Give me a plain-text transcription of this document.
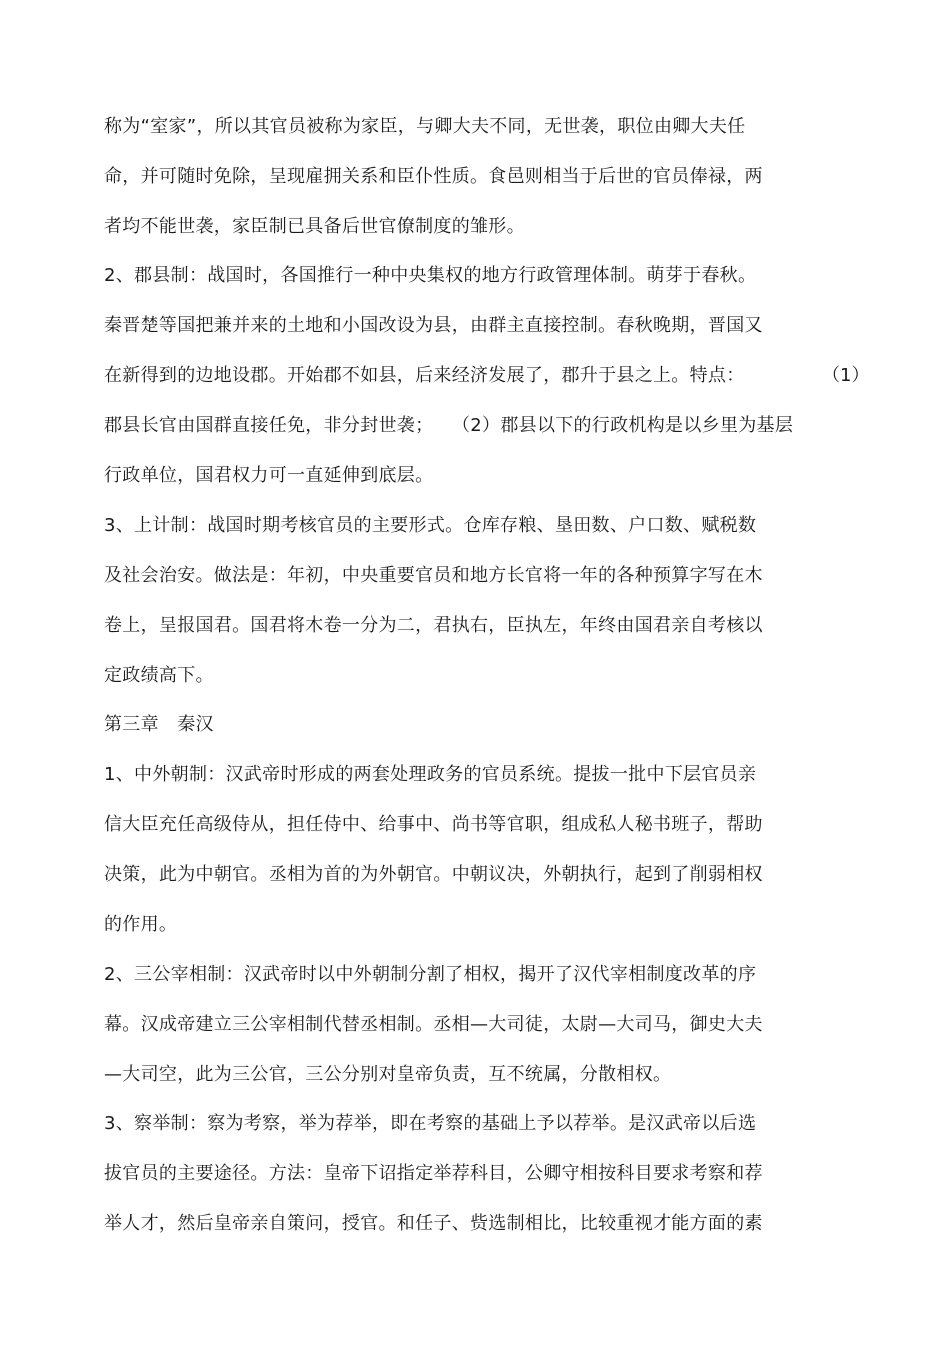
称为“室家”，所以其官员被称为家臣，与卿大夫不同，无世袭，职位由卿大夫任
命，并可随时免除，呈现雇拥关系和臣仆性质。食邑则相当于后世的官员俸禄，两
者均不能世袭，家臣制已具备后世官僚制度的雏形。
2、郡县制：战国时，各国推行一种中央集权的地方行政管理体制。萌芽于春秋。
秦晋楚等国把兼并来的土地和小国改设为县，由群主直接控制。春秋晚期，晋国又
在新得到的边地设郡。开始郡不如县，后来经济发展了，郡升于县之上。特点：	（1）
郡县长官由国群直接任免，非分封世袭；　　（2）郡县以下的行政机构是以乡里为基层
行政单位，国君权力可一直延伸到底层。
3、上计制：战国时期考核官员的主要形式。仓库存粮、垦田数、户口数、赋税数
及社会治安。做法是：年初，中央重要官员和地方长官将一年的各种预算字写在木
卷上，呈报国君。国君将木卷一分为二，君执右，臣执左，年终由国君亲自考核以
定政绩高下。
第三章　秦汉
1、中外朝制：汉武帝时形成的两套处理政务的官员系统。提拔一批中下层官员亲
信大臣充任高级侍从，担任侍中、给事中、尚书等官职，组成私人秘书班子，帮助
决策，此为中朝官。丞相为首的为外朝官。中朝议决，外朝执行，起到了削弱相权
的作用。
2、三公宰相制：汉武帝时以中外朝制分割了相权，揭开了汉代宰相制度改革的序
幕。汉成帝建立三公宰相制代替丞相制。丞相—大司徒，太尉—大司马，御史大夫
—大司空，此为三公官，三公分别对皇帝负责，互不统属，分散相权。
3、察举制：察为考察，举为荐举，即在考察的基础上予以荐举。是汉武帝以后选
拔官员的主要途径。方法：皇帝下诏指定举荐科目，公卿守相按科目要求考察和荐
举人才，然后皇帝亲自策问，授官。和任子、赀选制相比，比较重视才能方面的素
